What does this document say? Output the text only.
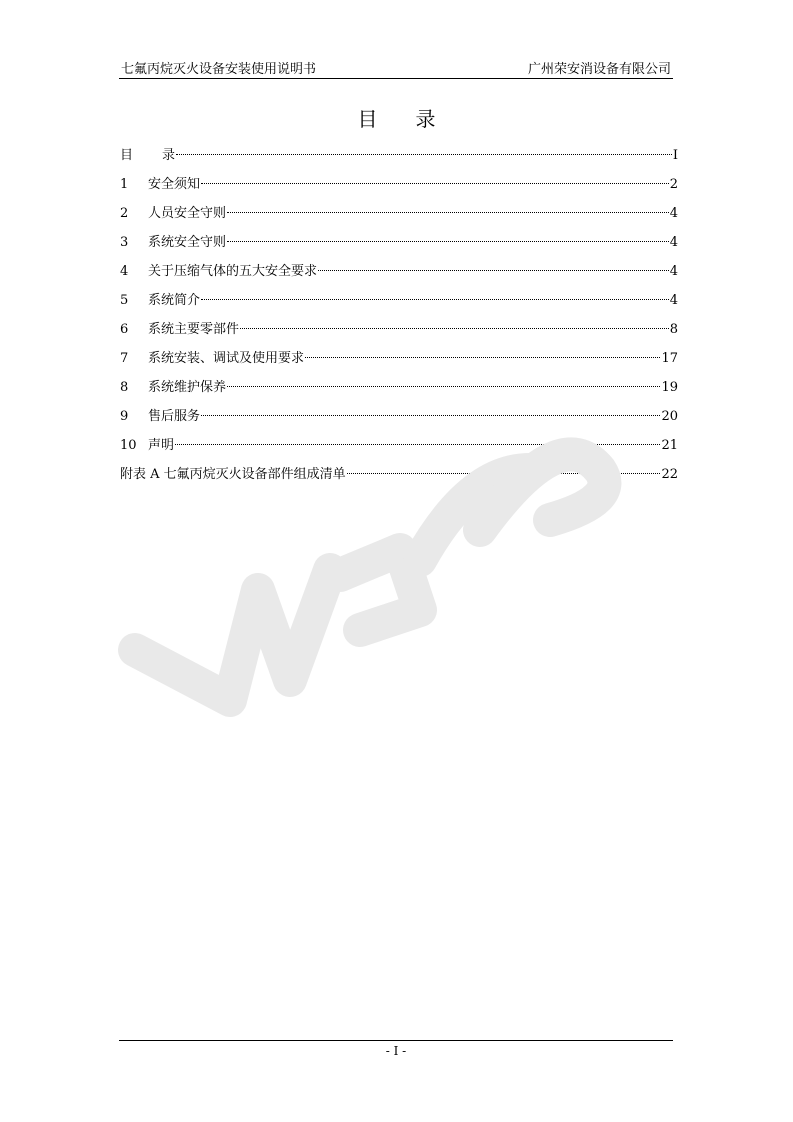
七氟丙烷灭火设备安装使用说明书	广州荣安消设备有限公司
目 录
目	录	I
1	安全须知	2
2	人员安全守则	4
3	系统安全守则	4
4	关于压缩气体的五大安全要求	4
5	系统简介	4
6	系统主要零部件	8
7	系统安装、调试及使用要求	17
8	系统维护保养	19
9	售后服务	20
10 声明	21
附表 A 七氟丙烷灭火设备部件组成清单	22
- I -
